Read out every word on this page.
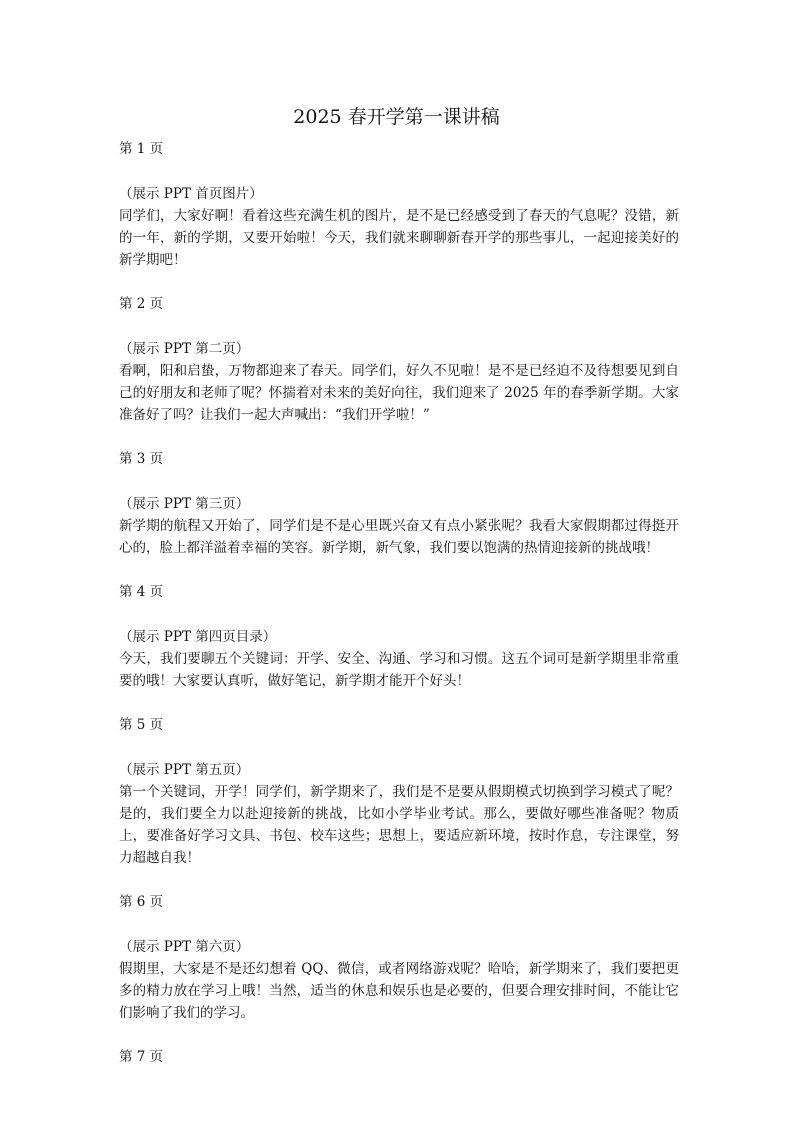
2025 春开学第一课讲稿

第 1 页

（展示 PPT 首页图片）

同学们，大家好啊！看着这些充满生机的图片，是不是已经感受到了春天的气息呢？没错，新的一年，新的学期，又要开始啦！今天，我们就来聊聊新春开学的那些事儿，一起迎接美好的新学期吧！

第 2 页

（展示 PPT 第二页）

看啊，阳和启蛰，万物都迎来了春天。同学们，好久不见啦！是不是已经迫不及待想要见到自己的好朋友和老师了呢？怀揣着对未来的美好向往，我们迎来了 2025 年的春季新学期。大家准备好了吗？让我们一起大声喊出：“我们开学啦！”

第 3 页

（展示 PPT 第三页）

新学期的航程又开始了，同学们是不是心里既兴奋又有点小紧张呢？我看大家假期都过得挺开心的，脸上都洋溢着幸福的笑容。新学期，新气象，我们要以饱满的热情迎接新的挑战哦！

第 4 页

（展示 PPT 第四页目录）

今天，我们要聊五个关键词：开学、安全、沟通、学习和习惯。这五个词可是新学期里非常重要的哦！大家要认真听，做好笔记，新学期才能开个好头！

第 5 页

（展示 PPT 第五页）

第一个关键词，开学！同学们，新学期来了，我们是不是要从假期模式切换到学习模式了呢？是的，我们要全力以赴迎接新的挑战，比如小学毕业考试。那么，要做好哪些准备呢？物质上，要准备好学习文具、书包、校车这些；思想上，要适应新环境，按时作息，专注课堂，努力超越自我！

第 6 页

（展示 PPT 第六页）

假期里，大家是不是还幻想着 QQ、微信，或者网络游戏呢？哈哈，新学期来了，我们要把更多的精力放在学习上哦！当然，适当的休息和娱乐也是必要的，但要合理安排时间，不能让它们影响了我们的学习。

第 7 页
